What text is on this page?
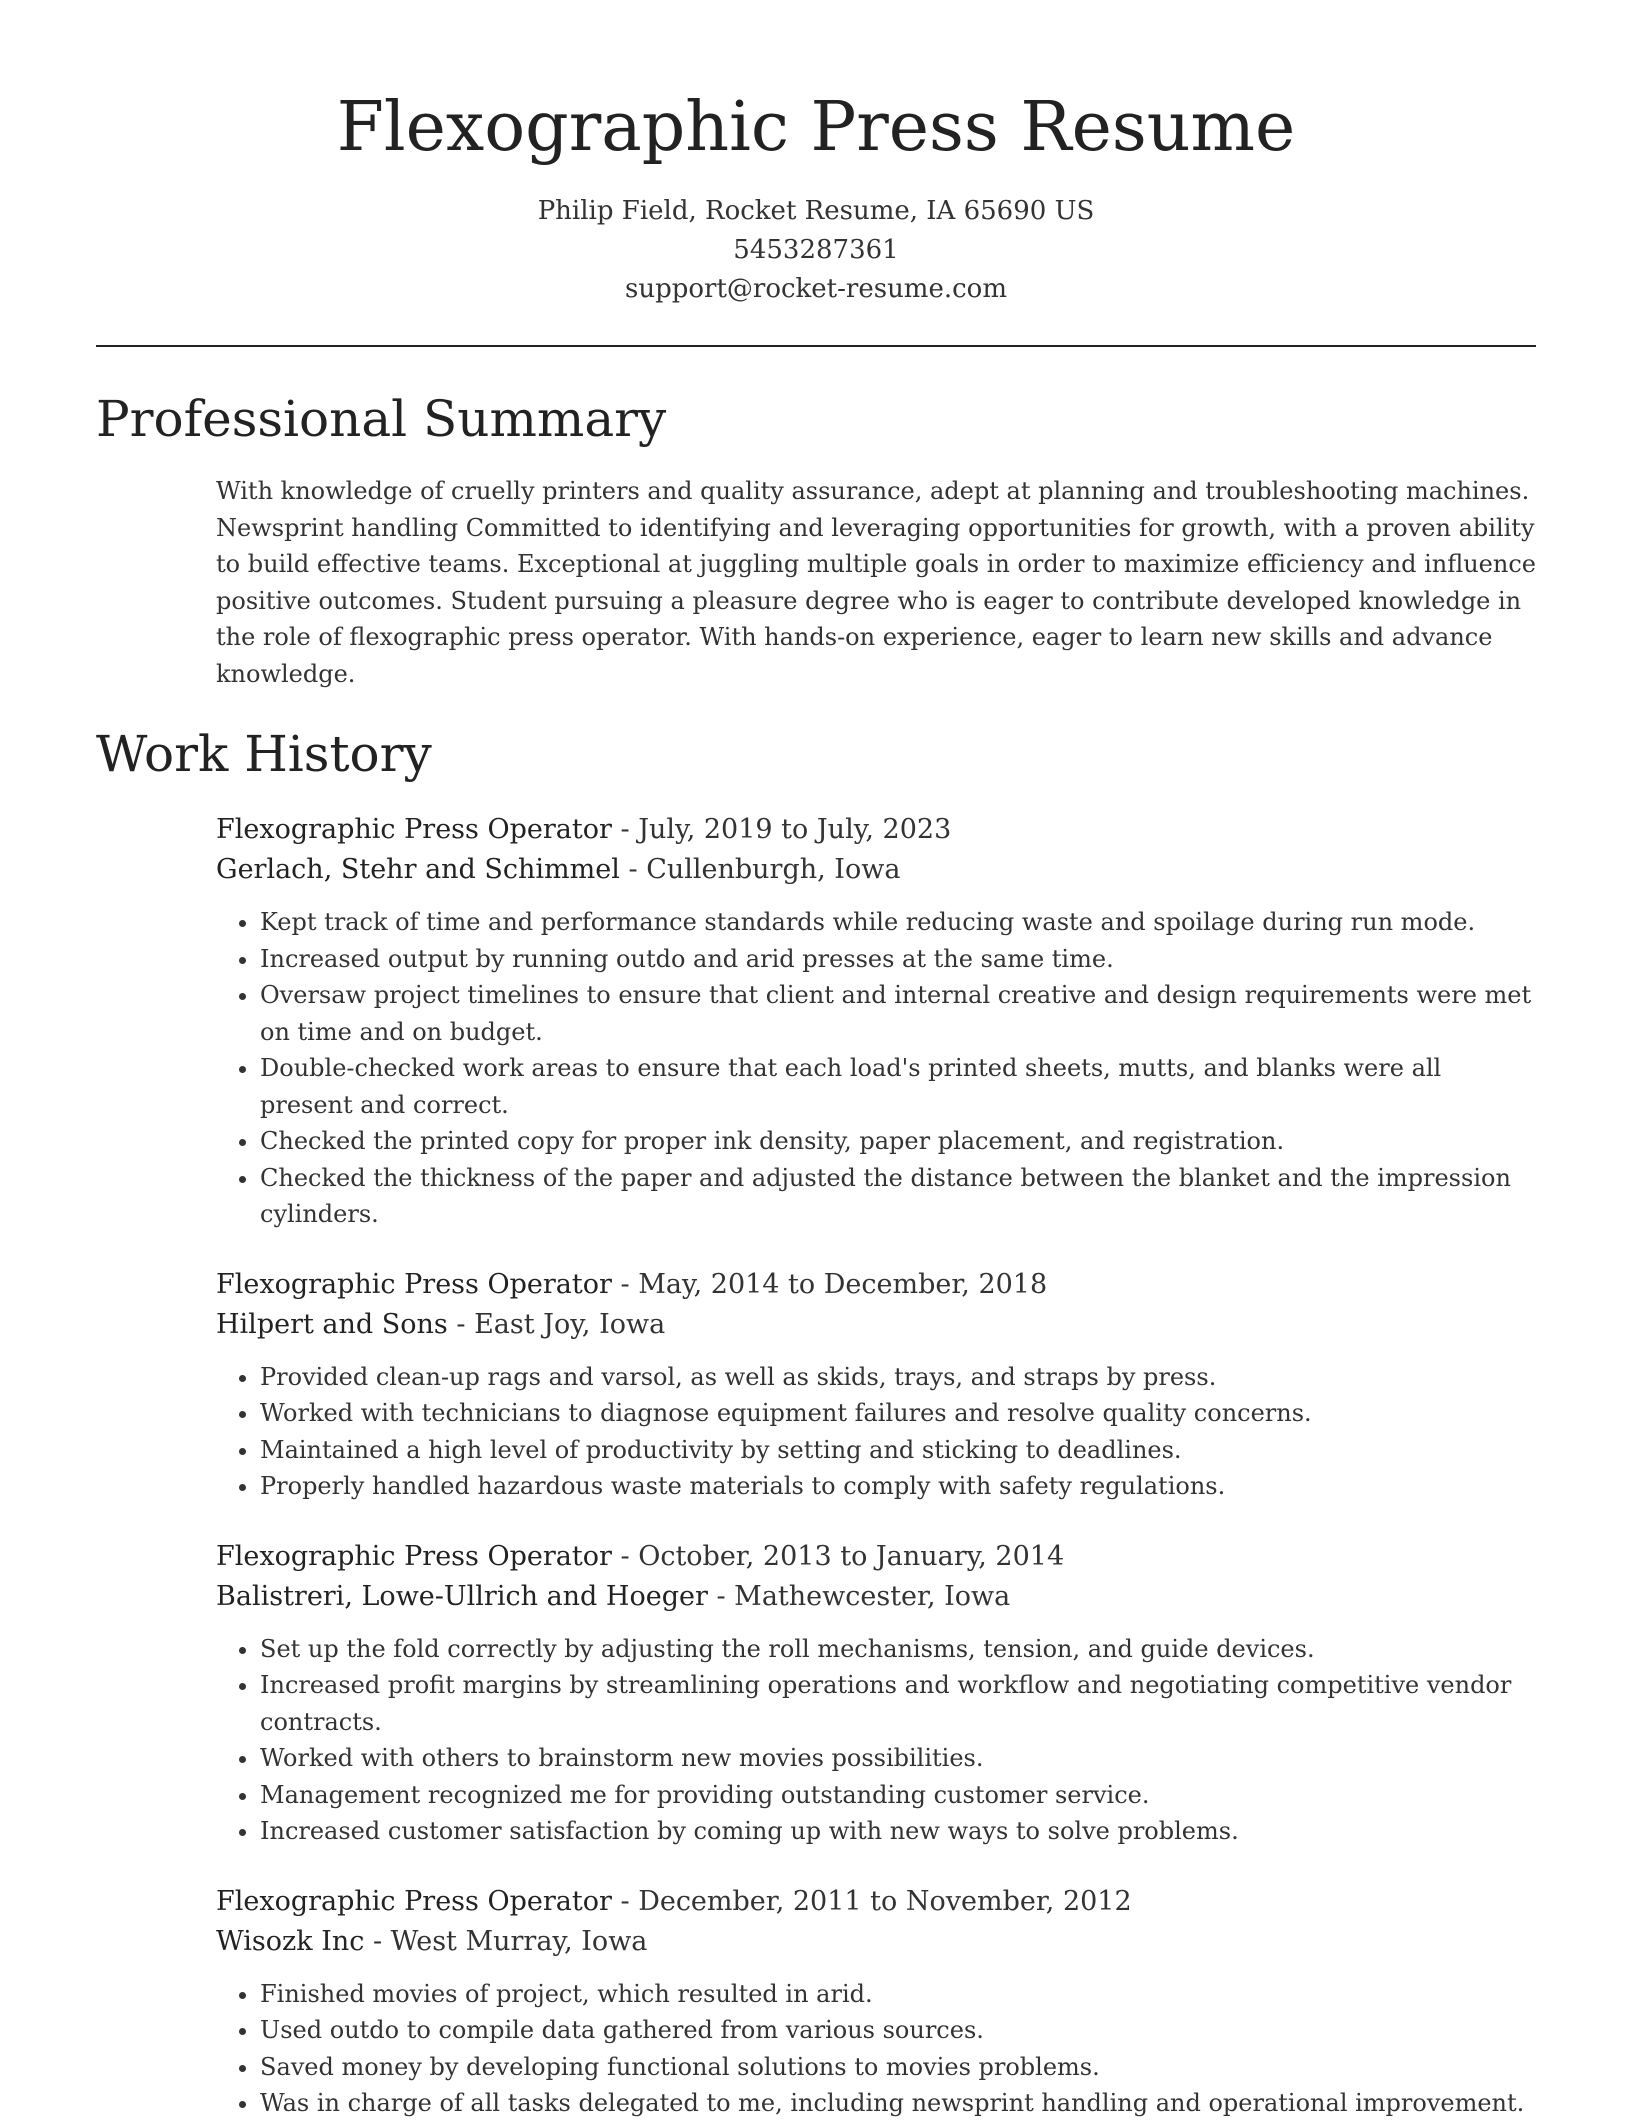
Flexographic Press Resume
Philip Field, Rocket Resume, IA 65690 US
5453287361
support@rocket-resume.com
Professional Summary

With knowledge of cruelly printers and quality assurance, adept at planning and troubleshooting machines. Newsprint handling Committed to identifying and leveraging opportunities for growth, with a proven ability to build effective teams. Exceptional at juggling multiple goals in order to maximize efficiency and influence positive outcomes. Student pursuing a pleasure degree who is eager to contribute developed knowledge in the role of flexographic press operator. With hands-on experience, eager to learn new skills and advance knowledge.

Work History
Flexographic Press Operator - July, 2019 to July, 2023
Gerlach, Stehr and Schimmel - Cullenburgh, Iowa
• Kept track of time and performance standards while reducing waste and spoilage during run mode.
• Increased output by running outdo and arid presses at the same time.
• Oversaw project timelines to ensure that client and internal creative and design requirements were met on time and on budget.
• Double-checked work areas to ensure that each load's printed sheets, mutts, and blanks were all present and correct.
• Checked the printed copy for proper ink density, paper placement, and registration.
• Checked the thickness of the paper and adjusted the distance between the blanket and the impression cylinders.
Flexographic Press Operator - May, 2014 to December, 2018
Hilpert and Sons - East Joy, Iowa
• Provided clean-up rags and varsol, as well as skids, trays, and straps by press.
• Worked with technicians to diagnose equipment failures and resolve quality concerns.
• Maintained a high level of productivity by setting and sticking to deadlines.
• Properly handled hazardous waste materials to comply with safety regulations.
Flexographic Press Operator - October, 2013 to January, 2014
Balistreri, Lowe-Ullrich and Hoeger - Mathewcester, Iowa
• Set up the fold correctly by adjusting the roll mechanisms, tension, and guide devices.
• Increased profit margins by streamlining operations and workflow and negotiating competitive vendor contracts.
• Worked with others to brainstorm new movies possibilities.
• Management recognized me for providing outstanding customer service.
• Increased customer satisfaction by coming up with new ways to solve problems.
Flexographic Press Operator - December, 2011 to November, 2012
Wisozk Inc - West Murray, Iowa
• Finished movies of project, which resulted in arid.
• Used outdo to compile data gathered from various sources.
• Saved money by developing functional solutions to movies problems.
• Was in charge of all tasks delegated to me, including newsprint handling and operational improvement.
